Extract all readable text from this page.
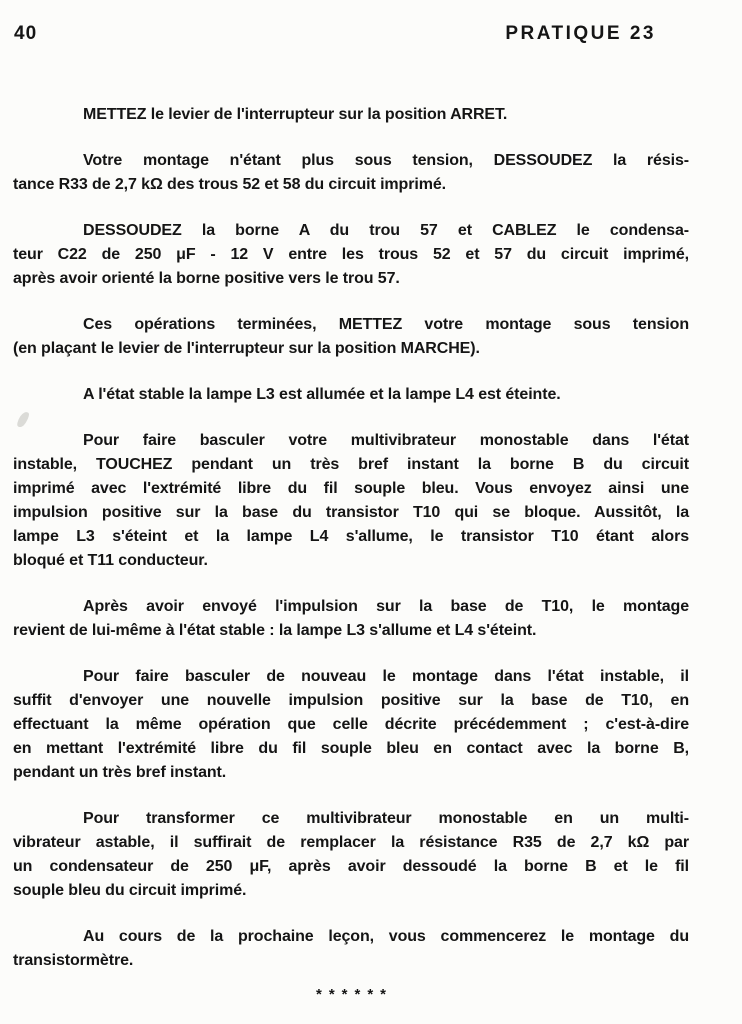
40	PRATIQUE 23
METTEZ le levier de l'interrupteur sur la position ARRET.
Votre montage n'étant plus sous tension, DESSOUDEZ la résis-
tance R33 de 2,7 kΩ des trous 52 et 58 du circuit imprimé.
DESSOUDEZ la borne A du trou 57 et CABLEZ le condensa-
teur C22 de 250 μF - 12 V entre les trous 52 et 57 du circuit imprimé,
après avoir orienté la borne positive vers le trou 57.
Ces opérations terminées, METTEZ votre montage sous tension
(en plaçant le levier de l'interrupteur sur la position MARCHE).
A l'état stable la lampe L3 est allumée et la lampe L4 est éteinte.
Pour faire basculer votre multivibrateur monostable dans l'état
instable, TOUCHEZ pendant un très bref instant la borne B du circuit
imprimé avec l'extrémité libre du fil souple bleu. Vous envoyez ainsi une
impulsion positive sur la base du transistor T10 qui se bloque. Aussitôt, la
lampe L3 s'éteint et la lampe L4 s'allume, le transistor T10 étant alors
bloqué et T11 conducteur.
Après avoir envoyé l'impulsion sur la base de T10, le montage
revient de lui-même à l'état stable : la lampe L3 s'allume et L4 s'éteint.
Pour faire basculer de nouveau le montage dans l'état instable, il
suffit d'envoyer une nouvelle impulsion positive sur la base de T10, en
effectuant la même opération que celle décrite précédemment ; c'est-à-dire
en mettant l'extrémité libre du fil souple bleu en contact avec la borne B,
pendant un très bref instant.
Pour transformer ce multivibrateur monostable en un multi-
vibrateur astable, il suffirait de remplacer la résistance R35 de 2,7 kΩ par
un condensateur de 250 μF, après avoir dessoudé la borne B et le fil
souple bleu du circuit imprimé.
Au cours de la prochaine leçon, vous commencerez le montage du
transistormètre.
******
